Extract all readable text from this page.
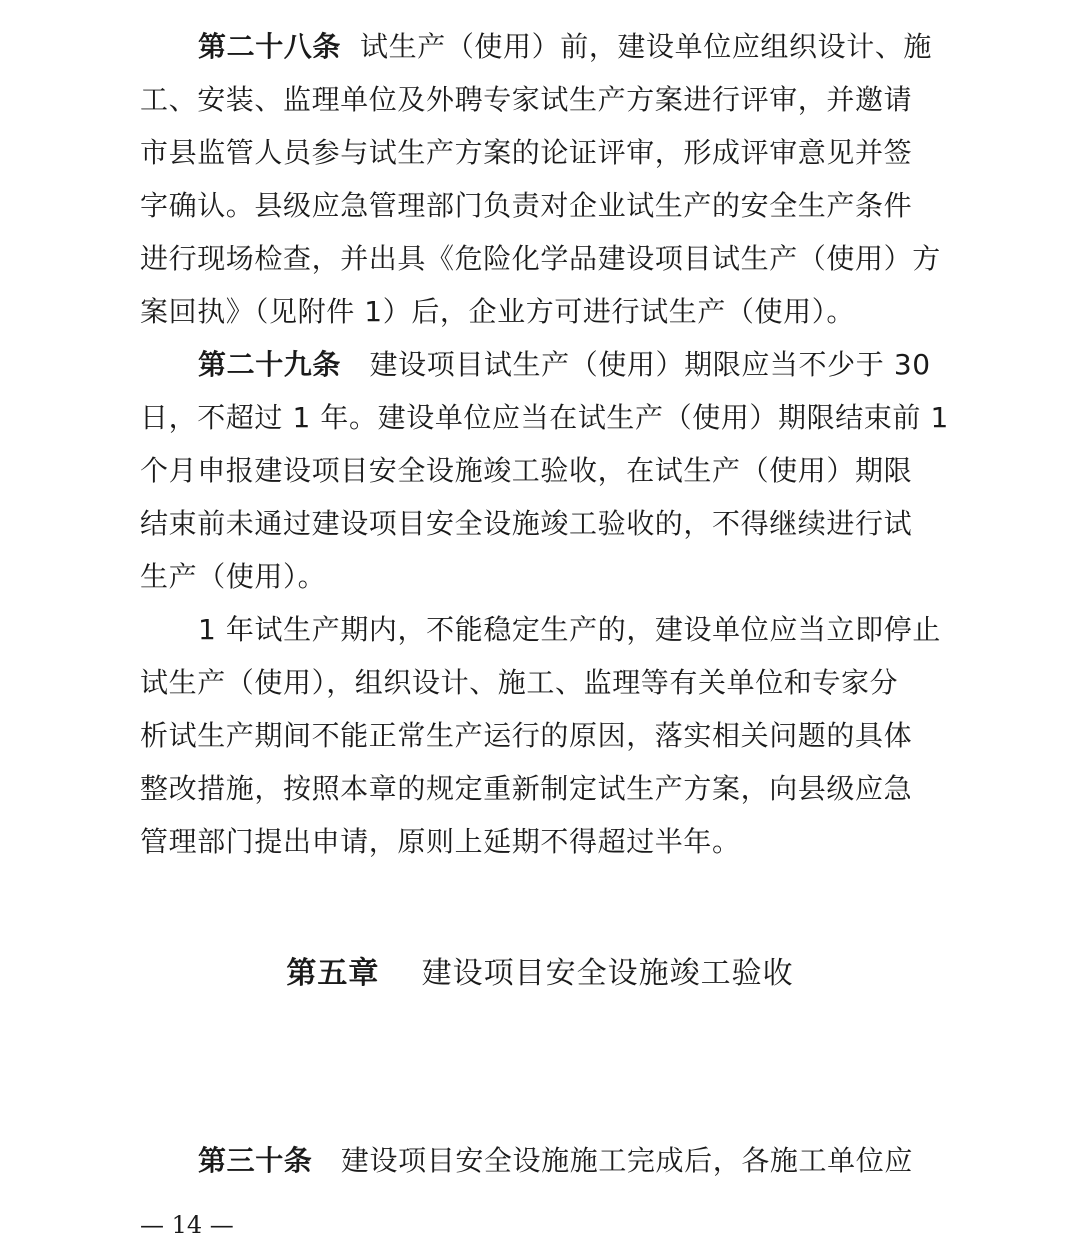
第二十八条 试生产（使用）前，建设单位应组织设计、施
工、安装、监理单位及外聘专家试生产方案进行评审，并邀请
市县监管人员参与试生产方案的论证评审，形成评审意见并签
字确认。县级应急管理部门负责对企业试生产的安全生产条件
进行现场检查，并出具《危险化学品建设项目试生产（使用）方
案回执》（见附件 1）后，企业方可进行试生产（使用）。
第二十九条 建设项目试生产（使用）期限应当不少于 30
日，不超过 1 年。建设单位应当在试生产（使用）期限结束前 1
个月申报建设项目安全设施竣工验收，在试生产（使用）期限
结束前未通过建设项目安全设施竣工验收的，不得继续进行试
生产（使用）。
1 年试生产期内，不能稳定生产的，建设单位应当立即停止
试生产（使用），组织设计、施工、监理等有关单位和专家分
析试生产期间不能正常生产运行的原因，落实相关问题的具体
整改措施，按照本章的规定重新制定试生产方案，向县级应急
管理部门提出申请，原则上延期不得超过半年。
第五章 建设项目安全设施竣工验收
第三十条 建设项目安全设施施工完成后，各施工单位应
— 14 —
